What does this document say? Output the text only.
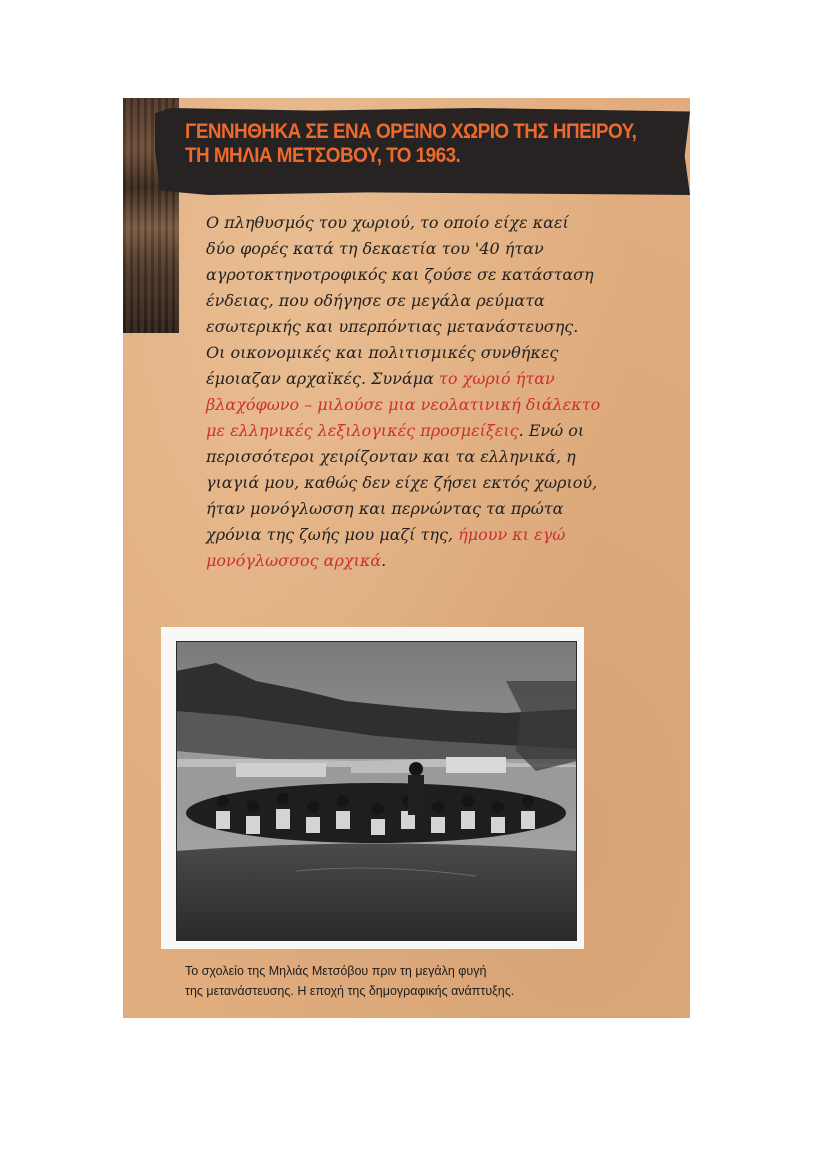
ΓΕΝΝΗΘΗΚΑ ΣΕ ΕΝΑ ΟΡΕΙΝΟ ΧΩΡΙΟ ΤΗΣ ΗΠΕΙΡΟΥ,
ΤΗ ΜΗΛΙΑ ΜΕΤΣΟΒΟΥ, ΤΟ 1963.
Ο πληθυσμός του χωριού, το οποίο είχε καεί
δύο φορές κατά τη δεκαετία του '40 ήταν
αγροτοκτηνοτροφικός και ζούσε σε κατάσταση
ένδειας, που οδήγησε σε μεγάλα ρεύματα
εσωτερικής και υπερπόντιας μετανάστευσης.
Οι οικονομικές και πολιτισμικές συνθήκες
έμοιαζαν αρχαϊκές. Συνάμα το χωριό ήταν
βλαχόφωνο – μιλούσε μια νεολατινική διάλεκτο
με ελληνικές λεξιλογικές προσμείξεις. Ενώ οι
περισσότεροι χειρίζονταν και τα ελληνικά, η
γιαγιά μου, καθώς δεν είχε ζήσει εκτός χωριού,
ήταν μονόγλωσση και περνώντας τα πρώτα
χρόνια της ζωής μου μαζί της, ήμουν κι εγώ
μονόγλωσσος αρχικά.
Το σχολείο της Μηλιάς Μετσόβου πριν τη μεγάλη φυγή
της μετανάστευσης. Η εποχή της δημογραφικής ανάπτυξης.
